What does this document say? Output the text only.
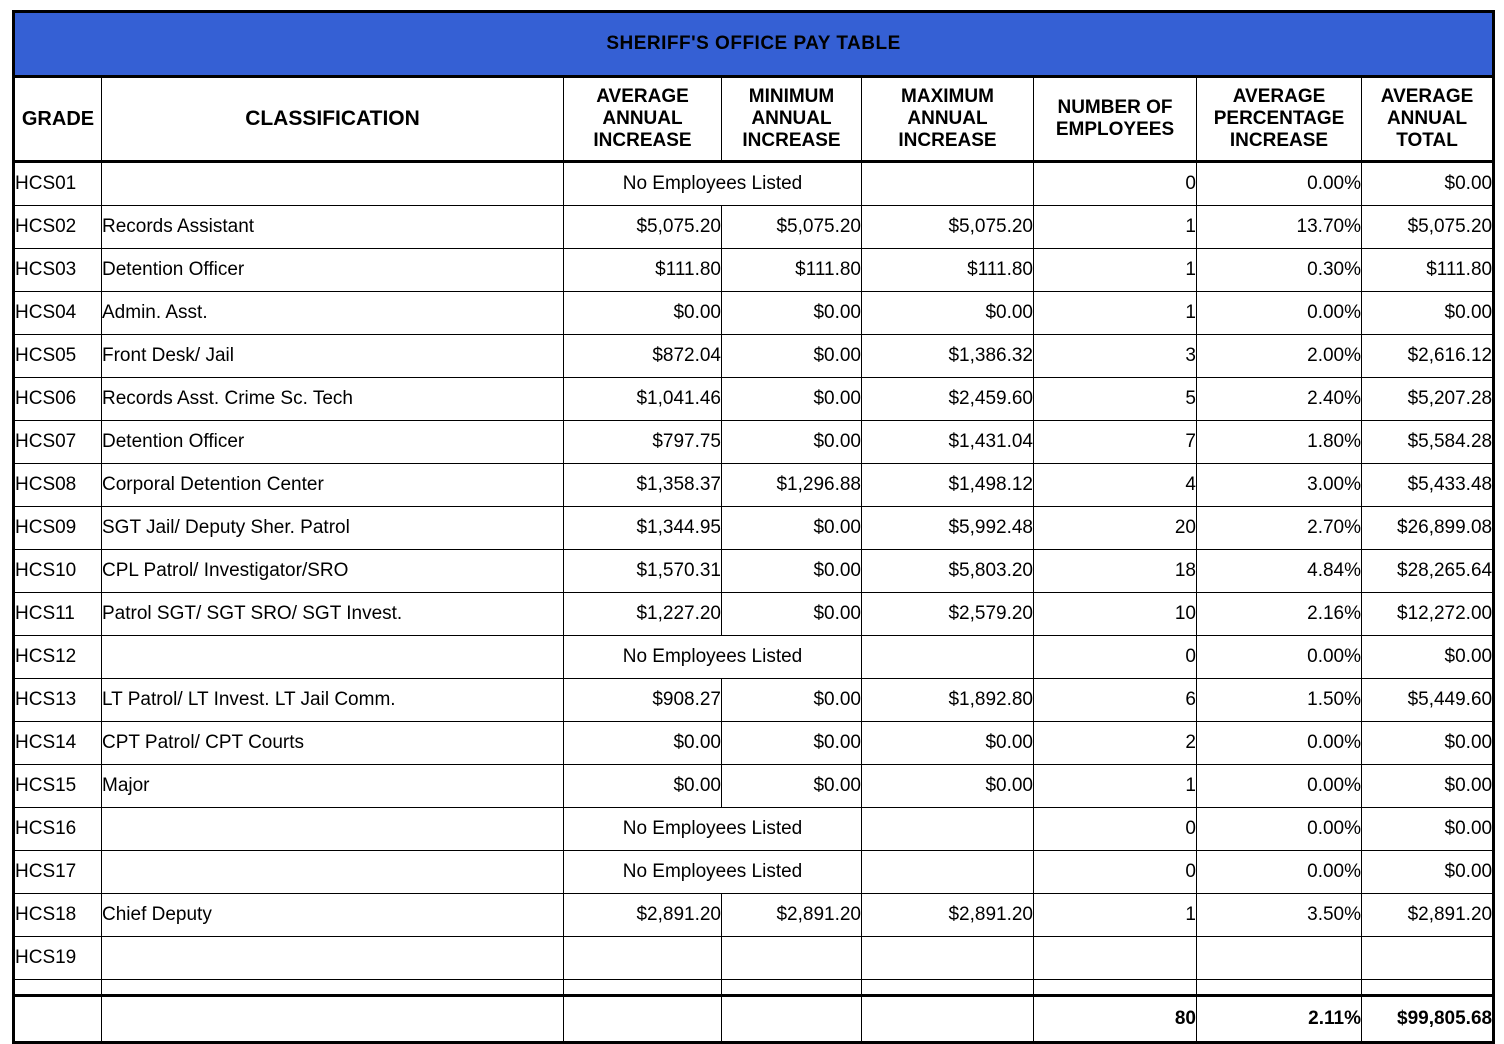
SHERIFF'S OFFICE PAY TABLE							
GRADE	CLASSIFICATION	AVERAGE ANNUAL INCREASE	MINIMUM ANNUAL INCREASE	MAXIMUM ANNUAL INCREASE	NUMBER OF EMPLOYEES	AVERAGE PERCENTAGE INCREASE	AVERAGE ANNUAL TOTAL
HCS01		No Employees Listed			0	0.00%	$0.00
HCS02	Records Assistant	$5,075.20	$5,075.20	$5,075.20	1	13.70%	$5,075.20
HCS03	Detention Officer	$111.80	$111.80	$111.80	1	0.30%	$111.80
HCS04	Admin. Asst.	$0.00	$0.00	$0.00	1	0.00%	$0.00
HCS05	Front Desk/ Jail	$872.04	$0.00	$1,386.32	3	2.00%	$2,616.12
HCS06	Records Asst. Crime Sc. Tech	$1,041.46	$0.00	$2,459.60	5	2.40%	$5,207.28
HCS07	Detention Officer	$797.75	$0.00	$1,431.04	7	1.80%	$5,584.28
HCS08	Corporal Detention Center	$1,358.37	$1,296.88	$1,498.12	4	3.00%	$5,433.48
HCS09	SGT Jail/ Deputy Sher. Patrol	$1,344.95	$0.00	$5,992.48	20	2.70%	$26,899.08
HCS10	CPL Patrol/ Investigator/SRO	$1,570.31	$0.00	$5,803.20	18	4.84%	$28,265.64
HCS11	Patrol SGT/ SGT SRO/ SGT Invest.	$1,227.20	$0.00	$2,579.20	10	2.16%	$12,272.00
HCS12		No Employees Listed			0	0.00%	$0.00
HCS13	LT Patrol/ LT Invest. LT Jail Comm.	$908.27	$0.00	$1,892.80	6	1.50%	$5,449.60
HCS14	CPT Patrol/ CPT Courts	$0.00	$0.00	$0.00	2	0.00%	$0.00
HCS15	Major	$0.00	$0.00	$0.00	1	0.00%	$0.00
HCS16		No Employees Listed			0	0.00%	$0.00
HCS17		No Employees Listed			0	0.00%	$0.00
HCS18	Chief Deputy	$2,891.20	$2,891.20	$2,891.20	1	3.50%	$2,891.20
HCS19							

					80	2.11%	$99,805.68
